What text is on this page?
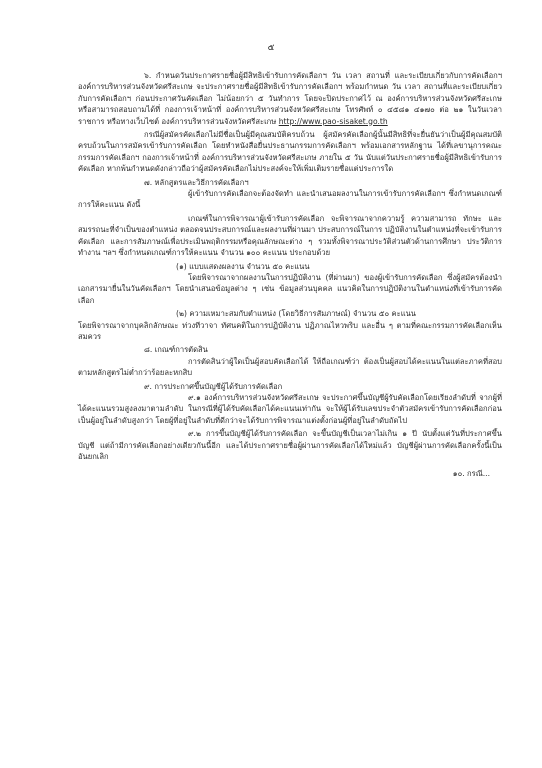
๕

๖. กำหนดวันประกาศรายชื่อผู้มีสิทธิเข้ารับการคัดเลือกฯ วัน เวลา สถานที่ และระเบียบเกี่ยวกับการคัดเลือกฯ องค์การบริหารส่วนจังหวัดศรีสะเกษ จะประกาศรายชื่อผู้มีสิทธิเข้ารับการคัดเลือกฯ พร้อมกำหนด วัน เวลา สถานที่และระเบียบเกี่ยวกับการคัดเลือกฯ ก่อนประกาศวันคัดเลือก ไม่น้อยกว่า ๕ วันทำการ โดยจะปิดประกาศไว้ ณ องค์การบริหารส่วนจังหวัดศรีสะเกษ หรือสามารถสอบถามได้ที่ กองการเจ้าหน้าที่ องค์การบริหารส่วนจังหวัดศรีสะเกษ โทรศัพท์ ๐ ๔๕๘๑ ๔๑๗๐ ต่อ ๒๑ ในวันเวลาราชการ หรือทางเว็บไซต์ องค์การบริหารส่วนจังหวัดศรีสะเกษ http://www.pao-sisaket.go.th

กรณีผู้สมัครคัดเลือกไม่มีชื่อเป็นผู้มีคุณสมบัติครบถ้วน ผู้สมัครคัดเลือกผู้นั้นมีสิทธิที่จะยื่นยันว่าเป็นผู้มีคุณสมบัติครบถ้วนในการสมัครเข้ารับการคัดเลือก โดยทำหนังสือยื่นประธานกรรมการคัดเลือกฯ พร้อมเอกสารหลักฐาน ได้ที่เลขานุการคณะกรรมการคัดเลือกฯ กองการเจ้าหน้าที่ องค์การบริหารส่วนจังหวัดศรีสะเกษ ภายใน ๕ วัน นับแต่วันประกาศรายชื่อผู้มีสิทธิเข้ารับการคัดเลือก หากพ้นกำหนดดังกล่าวถือว่าผู้สมัครคัดเลือกไม่ประสงค์จะให้เพิ่มเติมรายชื่อแต่ประการใด

๗. หลักสูตรและวิธีการคัดเลือกฯ

ผู้เข้ารับการคัดเลือกจะต้องจัดทำ และนำเสนอผลงานในการเข้ารับการคัดเลือกฯ ซึ่งกำหนดเกณฑ์การให้คะแนน ดังนี้

เกณฑ์ในการพิจารณาผู้เข้ารับการคัดเลือก จะพิจารณาจากความรู้ ความสามารถ ทักษะ และสมรรถนะที่จำเป็นของตำแหน่ง ตลอดจนประสบการณ์และผลงานที่ผ่านมา ประสบการณ์ในการ ปฏิบัติงานในตำแหน่งที่จะเข้ารับการคัดเลือก และการสัมภาษณ์เพื่อประเมินพฤติกรรมหรือคุณลักษณะต่าง ๆ รวมทั้งพิจารณาประวัติส่วนตัวด้านการศึกษา ประวัติการทำงาน ฯลฯ ซึ่งกำหนดเกณฑ์การให้คะแนน จำนวน ๑๐๐ คะแนน ประกอบด้วย

(๑) แบบแสดงผลงาน จำนวน ๕๐ คะแนน

โดยพิจารณาจากผลงานในการปฏิบัติงาน (ที่ผ่านมา) ของผู้เข้ารับการคัดเลือก ซึ่งผู้สมัครต้องนำเอกสารมายื่นในวันคัดเลือกฯ โดยนำเสนอข้อมูลต่าง ๆ เช่น ข้อมูลส่วนบุคคล แนวคิดในการปฏิบัติงานในตำแหน่งที่เข้ารับการคัดเลือก

(๒) ความเหมาะสมกับตำแหน่ง (โดยวิธีการสัมภาษณ์) จำนวน ๕๐ คะแนน

โดยพิจารณาจากบุคลิกลักษณะ ท่วงทีวาจา ทัศนคติในการปฏิบัติงาน ปฏิภาณไหวพริบ และอื่น ๆ ตามที่คณะกรรมการคัดเลือกเห็นสมควร

๘. เกณฑ์การตัดสิน

การตัดสินว่าผู้ใดเป็นผู้สอบคัดเลือกได้ ให้ถือเกณฑ์ว่า ต้องเป็นผู้สอบได้คะแนนในแต่ละภาคที่สอบตามหลักสูตรไม่ต่ำกว่าร้อยละหกสิบ

๙. การประกาศขึ้นบัญชีผู้ได้รับการคัดเลือก

๙.๑ องค์การบริหารส่วนจังหวัดศรีสะเกษ จะประกาศขึ้นบัญชีผู้รับคัดเลือกโดยเรียงลำดับที่ จากผู้ที่ได้คะแนนรวมสูงลงมาตามลำดับ ในกรณีที่ผู้ได้รับคัดเลือกได้คะแนนเท่ากัน จะให้ผู้ได้รับเลขประจำตัวสมัครเข้ารับการคัดเลือกก่อนเป็นผู้อยู่ในลำดับสูงกว่า โดยผู้ที่อยู่ในลำดับที่ดีกว่าจะได้รับการพิจารณาแต่งตั้งก่อนผู้ที่อยู่ในลำดับถัดไป

๙.๒ การขึ้นบัญชีผู้ได้รับการคัดเลือก จะขึ้นบัญชีเป็นเวลาไม่เกิน ๑ ปี นับตั้งแต่วันที่ประกาศขึ้นบัญชี แต่ถ้ามีการคัดเลือกอย่างเดียวกันนี้อีก และได้ประกาศรายชื่อผู้ผ่านการคัดเลือกได้ใหม่แล้ว บัญชีผู้ผ่านการคัดเลือกครั้งนี้เป็นอันยกเลิก

๑๐. กรณี...
